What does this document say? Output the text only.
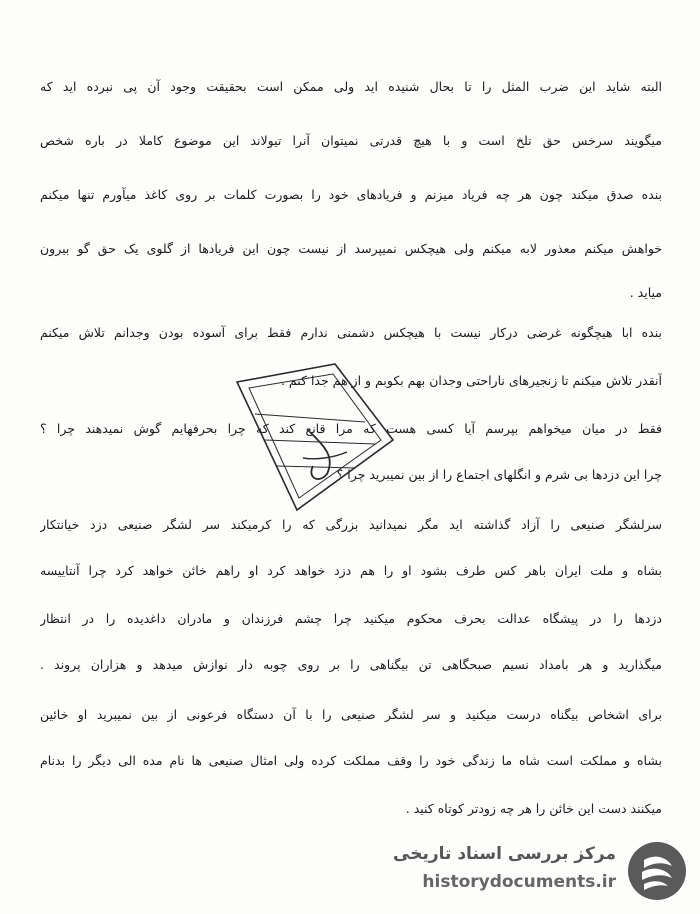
البته شاید این ضرب المثل را تا بحال شنیده اید ولی ممکن است بحقیقت وجود آن پی نبرده اید که
میگویند سرخس حق تلخ است و با هیچ قدرتی نمیتوان آنرا تیولاند این موضوع کاملا در باره شخص
بنده صدق میکند چون هر چه فریاد میزنم و فریادهای خود را بصورت کلمات بر روی کاغذ میآورم تنها میکنم
خواهش میکنم معذور لابه میکنم ولی هیچکس نمیپرسد از نیست چون این فریادها از گلوی یک حق گو بیرون
میاید .
بنده ابا هیچگونه غرضی درکار نیست با هیچکس دشمنی ندارم فقط برای آسوده بودن وجدانم تلاش میکنم
آنقدر تلاش میکنم تا زنجیرهای ناراحتی وجدان بهم بکوبم و از هم جدا کنم .
فقط در میان میخواهم بپرسم آیا کسی هست که مرا قانع کند که چرا بحرفهایم گوش نمیدهند چرا ؟
چرا این دزدها بی شرم و انگلهای اجتماع را از بین نمیبرید چرا ؟
سرلشگر صنیعی را آزاد گذاشته اید مگر نمیدانید بزرگی که را کرمیکند سر لشگر صنیعی دزد خیانتکار
بشاه و ملت ایران باهر کس طرف بشود او را هم دزد خواهد کرد او راهم خائن خواهد کرد چرا آنتاییسه
دزدها را در پیشگاه عدالت بحرف محکوم میکنید چرا چشم فرزندان و مادران داغدیده را در انتظار
میگذارید و هر بامداد نسیم صبحگاهی تن بیگناهی را بر روی چوبه دار نوازش میدهد و هزاران پروند .
برای اشخاص بیگناه درست میکنید و سر لشگر صنیعی را با آن دستگاه فرعونی از بین نمیبرید او خائین
بشاه و مملکت است شاه ما زندگی خود را وقف مملکت کرده ولی امثال صنیعی ها نام مده الی دیگر را بدنام
میکنند دست این خائن را هر چه زودتر کوتاه کنید .
مرکز بررسی اسناد تاریخی
historydocuments.ir
